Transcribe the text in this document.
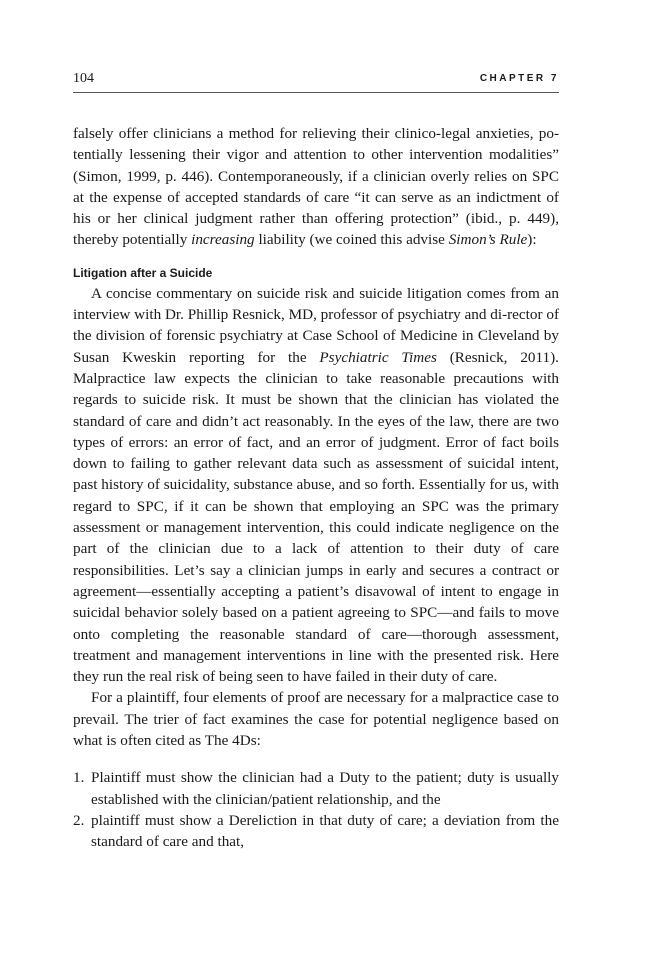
104	CHAPTER 7

falsely offer clinicians a method for relieving their clinico-legal anxieties, po-tentially lessening their vigor and attention to other intervention modalities” (Simon, 1999, p. 446). Contemporaneously, if a clinician overly relies on SPC at the expense of accepted standards of care “it can serve as an indictment of his or her clinical judgment rather than offering protection” (ibid., p. 449), thereby potentially increasing liability (we coined this advise Simon’s Rule):

Litigation after a Suicide

A concise commentary on suicide risk and suicide litigation comes from an interview with Dr. Phillip Resnick, MD, professor of psychiatry and di-rector of the division of forensic psychiatry at Case School of Medicine in Cleveland by Susan Kweskin reporting for the Psychiatric Times (Resnick, 2011). Malpractice law expects the clinician to take reasonable precautions with regards to suicide risk. It must be shown that the clinician has violated the standard of care and didn’t act reasonably. In the eyes of the law, there are two types of errors: an error of fact, and an error of judgment. Error of fact boils down to failing to gather relevant data such as assessment of suicidal intent, past history of suicidality, substance abuse, and so forth. Essentially for us, with regard to SPC, if it can be shown that employing an SPC was the primary assessment or management intervention, this could indicate negligence on the part of the clinician due to a lack of attention to their duty of care responsibilities. Let’s say a clinician jumps in early and secures a contract or agreement—essentially accepting a patient’s disavowal of intent to engage in suicidal behavior solely based on a patient agreeing to SPC—and fails to move onto completing the reasonable standard of care—thorough assessment, treatment and management interventions in line with the presented risk. Here they run the real risk of being seen to have failed in their duty of care.

For a plaintiff, four elements of proof are necessary for a malpractice case to prevail. The trier of fact examines the case for potential negligence based on what is often cited as The 4Ds:

1. Plaintiff must show the clinician had a Duty to the patient; duty is usually established with the clinician/patient relationship, and the
2. plaintiff must show a Dereliction in that duty of care; a deviation from the standard of care and that,
